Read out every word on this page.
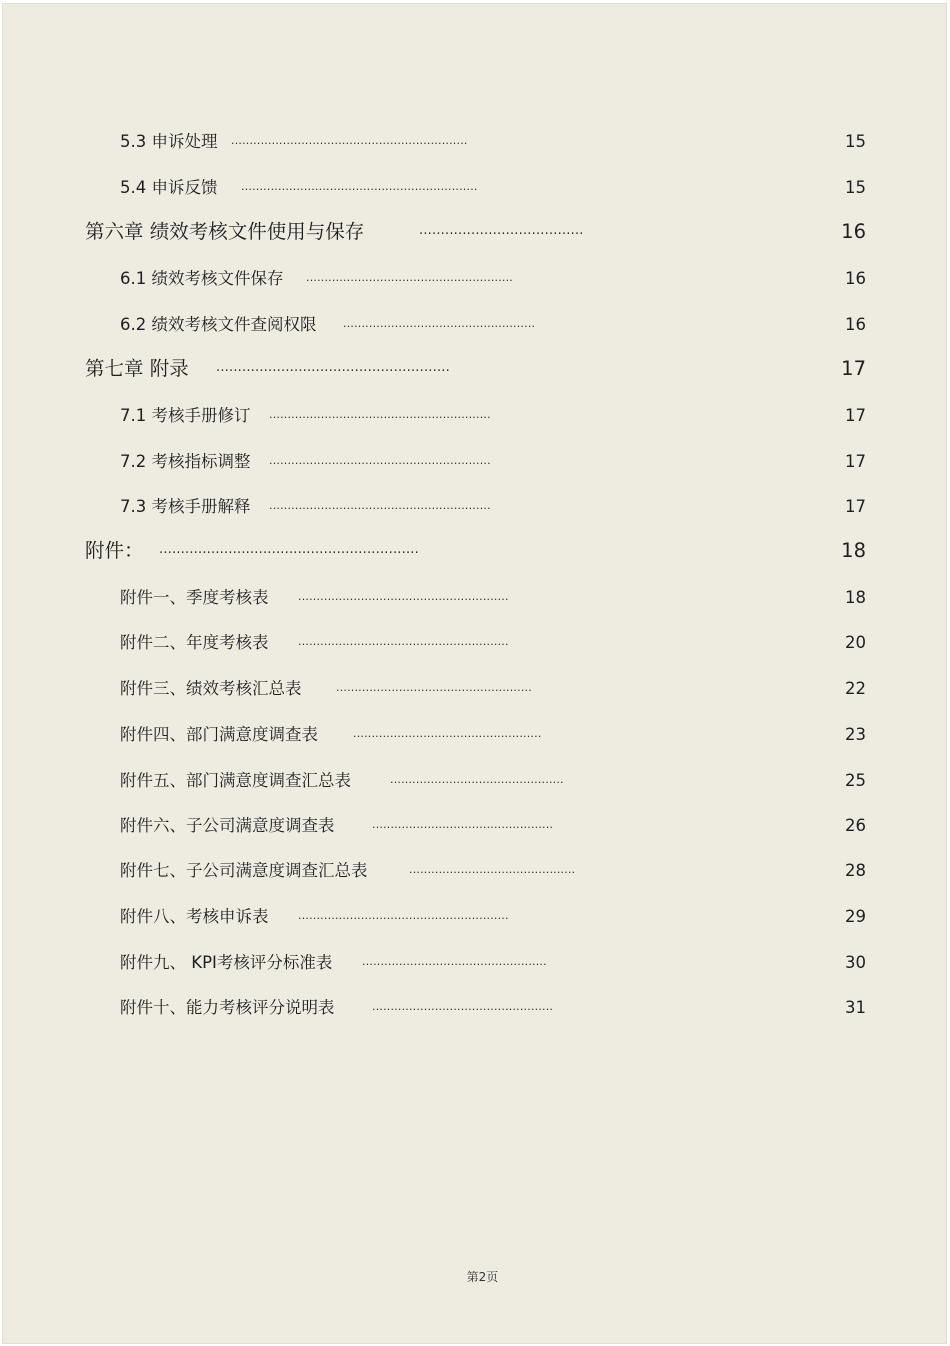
5.3 申诉处理 ................................................................	15
5.4 申诉反馈 ................................................................	15
第六章 绩效考核文件使用与保存	......................................	16
6.1 绩效考核文件保存 ........................................................	16
6.2 绩效考核文件查阅权限 ....................................................	16
第七章 附录 ......................................................	17
7.1 考核手册修订 ............................................................	17
7.2 考核指标调整 ............................................................	17
7.3 考核手册解释 ............................................................	17
附件： ............................................................	18
附件一、季度考核表	.........................................................	18
附件二、年度考核表	.........................................................	20
附件三、绩效考核汇总表	.....................................................	22
附件四、部门满意度调查表	...................................................	23
附件五、部门满意度调查汇总表	...............................................	25
附件六、子公司满意度调查表	.................................................	26
附件七、子公司满意度调查汇总表	.............................................	28
附件八、考核申诉表	.........................................................	29
附件九、 KPI考核评分标准表	..................................................	30
附件十、能力考核评分说明表	.................................................	31
第2页
